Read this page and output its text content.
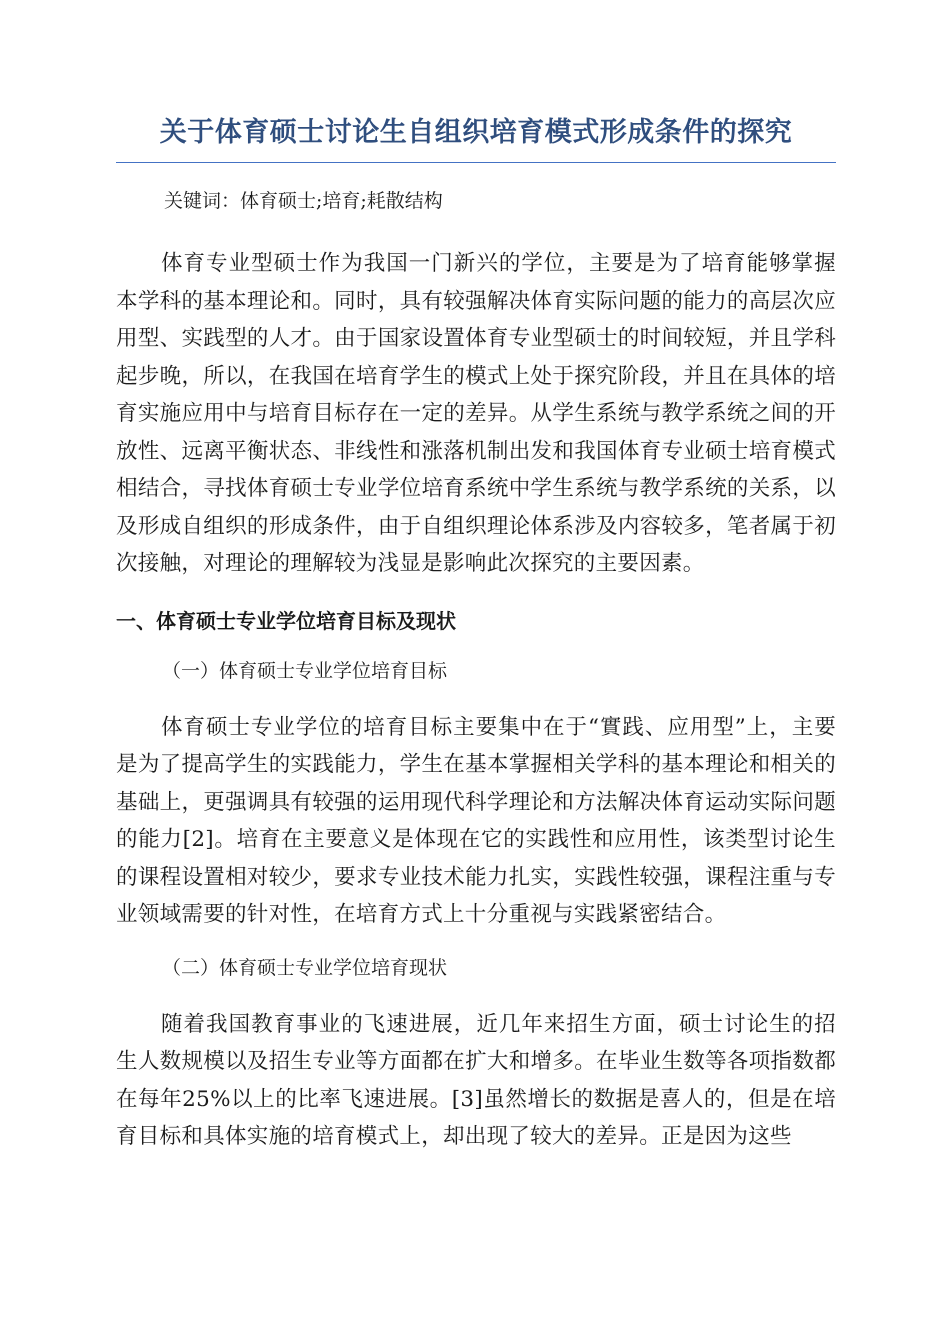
关于体育硕士讨论生自组织培育模式形成条件的探究
关键词：体育硕士;培育;耗散结构

体育专业型硕士作为我国一门新兴的学位，主要是为了培育能够掌握本学科的基本理论和。同时，具有较强解决体育实际问题的能力的高层次应用型、实践型的人才。由于国家设置体育专业型硕士的时间较短，并且学科起步晚，所以，在我国在培育学生的模式上处于探究阶段，并且在具体的培育实施应用中与培育目标存在一定的差异。从学生系统与教学系统之间的开放性、远离平衡状态、非线性和涨落机制出发和我国体育专业硕士培育模式相结合，寻找体育硕士专业学位培育系统中学生系统与教学系统的关系，以及形成自组织的形成条件，由于自组织理论体系涉及内容较多，笔者属于初次接触，对理论的理解较为浅显是影响此次探究的主要因素。

一、体育硕士专业学位培育目标及现状
（一）体育硕士专业学位培育目标

体育硕士专业学位的培育目标主要集中在于“實践、应用型”上，主要是为了提高学生的实践能力，学生在基本掌握相关学科的基本理论和相关的基础上，更强调具有较强的运用现代科学理论和方法解决体育运动实际问题的能力[2]。培育在主要意义是体现在它的实践性和应用性，该类型讨论生的课程设置相对较少，要求专业技术能力扎实，实践性较强，课程注重与专业领域需要的针对性，在培育方式上十分重视与实践紧密结合。

（二）体育硕士专业学位培育现状

随着我国教育事业的飞速进展，近几年来招生方面，硕士讨论生的招生人数规模以及招生专业等方面都在扩大和增多。在毕业生数等各项指数都在每年25%以上的比率飞速进展。[3]虽然增长的数据是喜人的，但是在培育目标和具体实施的培育模式上，却出现了较大的差异。正是因为这些
